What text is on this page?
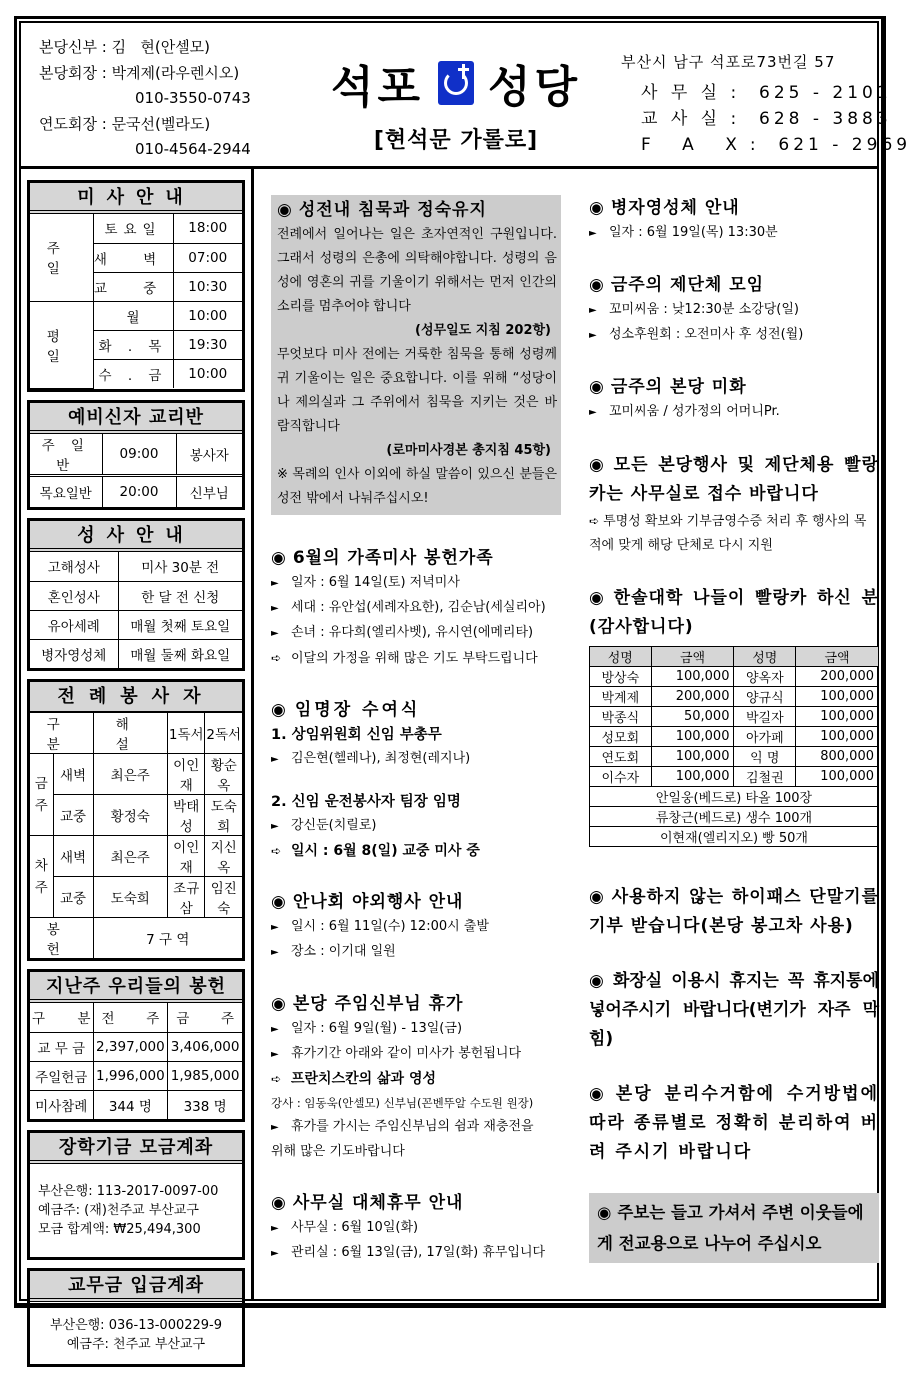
본당신부 : 김   현(안셀모)
본당회장 : 박계제(라우렌시오)
010-3550-0743
연도회장 : 문국선(벨라도)
010-4564-2944
석포 성당
[현석문 가롤로]
부산시 남구 석포로73번길 57
사 무 실 :  625 - 2101
교 사 실 :  628 - 3883
F A X:  621 - 2969
미사안내
주 일	토요일	18:00
	새 벽	07:00
	교 중	10:30
평 일	월	10:00
	화 . 목	19:30
	수 . 금	10:00
예비신자 교리반
주 일 반	09:00	봉사자
목요일반	20:00	신부님
성사안내
고해성사	미사 30분 전
혼인성사	한 달 전 신청
유아세례	매월 첫째 토요일
병자영성체	매월 둘째 화요일
전례봉사자
구 분		해 설	1독서	2독서
금주	새벽	최은주	이인재	황순옥
	교중	황정숙	박태성	도숙희
차주	새벽	최은주	이인재	지신옥
	교중	도숙희	조규삼	임진숙
봉 헌		7 구 역		
지난주 우리들의 봉헌
구 분	전 주	금 주
교 무 금	2,397,000	3,406,000
주일헌금	1,996,000	1,985,000
미사참례	344 명	338 명
장학기금 모금계좌
부산은행: 113-2017-0097-00
예금주: (재)천주교 부산교구
모금 합계액: ₩25,494,300
교무금 입금계좌
부산은행: 036-13-000229-9
예금주: 천주교 부산교구
◉ 성전내 침묵과 정숙유지
전례에서 일어나는 일은 초자연적인 구원입니다. 그래서 성령의 은총에 의탁해야합니다. 성령의 음성에 영혼의 귀를 기울이기 위해서는 먼저 인간의 소리를 멈추어야 합니다
(성무일도 지침 202항)
무엇보다 미사 전에는 거룩한 침묵을 통해 성령께 귀 기울이는 일은 중요합니다. 이를 위해 “성당이나 제의실과 그 주위에서 침묵을 지키는 것은 바람직합니다
(로마미사경본 총지침 45항)
※ 목례의 인사 이외에 하실 말씀이 있으신 분들은 성전 밖에서 나눠주십시오!
◉ 6월의 가족미사 봉헌가족
► 일자 : 6월 14일(토) 저녁미사
► 세대 : 유안섭(세례자요한), 김순남(세실리아)
► 손녀 : 유다희(엘리사벳), 유시연(에메리타)
➪ 이달의 가정을 위해 많은 기도 부탁드립니다
◉ 임명장 수여식
1. 상임위원회 신임 부총무
► 김은현(헬레나), 최정현(레지나)
2. 신임 운전봉사자 팀장 임명
► 강신둔(치릴로)
➪ 일시 : 6월 8(일) 교중 미사 중
◉ 안나회 야외행사 안내
► 일시 : 6월 11일(수) 12:00시 출발
► 장소 : 이기대 일원
◉ 본당 주임신부님 휴가
► 일자 : 6월 9일(월) - 13일(금)
► 휴가기간 아래와 같이 미사가 봉헌됩니다
➪ 프란치스칸의 삶과 영성
강사 : 임동욱(안셀모) 신부님(꼰벤뚜알 수도원 원장)
► 휴가를 가시는 주임신부님의 쉼과 재충전을
위해 많은 기도바랍니다
◉ 사무실 대체휴무 안내
► 사무실 : 6월 10일(화)
► 관리실 : 6월 13일(금), 17일(화) 휴무입니다
◉ 병자영성체 안내
► 일자 : 6월 19일(목) 13:30분
◉ 금주의 제단체 모임
► 꼬미씨움 : 낮12:30분 소강당(일)
► 성소후원회 : 오전미사 후 성전(월)
◉ 금주의 본당 미화
► 꼬미씨움 / 성가정의 어머니Pr.
◉ 모든 본당행사 및 제단체용 빨랑카는 사무실로 접수 바랍니다
➪ 투명성 확보와 기부금영수증 처리 후 행사의 목적에 맞게 해당 단체로 다시 지원
◉ 한솔대학 나들이 빨랑카 하신 분 (감사합니다)
성명	금액	성명	금액
방상숙	100,000	양옥자	200,000
박계제	200,000	양규식	100,000
박종식	50,000	박길자	100,000
성모회	100,000	아가페	100,000
연도회	100,000	익 명	800,000
이수자	100,000	김철권	100,000
안일웅(베드로) 타올 100장			
류창근(베드로) 생수 100개			
이현재(엘리지오) 빵 50개			
◉ 사용하지 않는 하이패스 단말기를 기부 받습니다(본당 봉고차 사용)
◉ 화장실 이용시 휴지는 꼭 휴지통에 넣어주시기 바랍니다(변기가 자주 막힘)
◉ 본당 분리수거함에 수거방법에 따라 종류별로 정확히 분리하여 버려 주시기 바랍니다
◉ 주보는 들고 가셔서 주변 이웃들에게 전교용으로 나누어 주십시오
